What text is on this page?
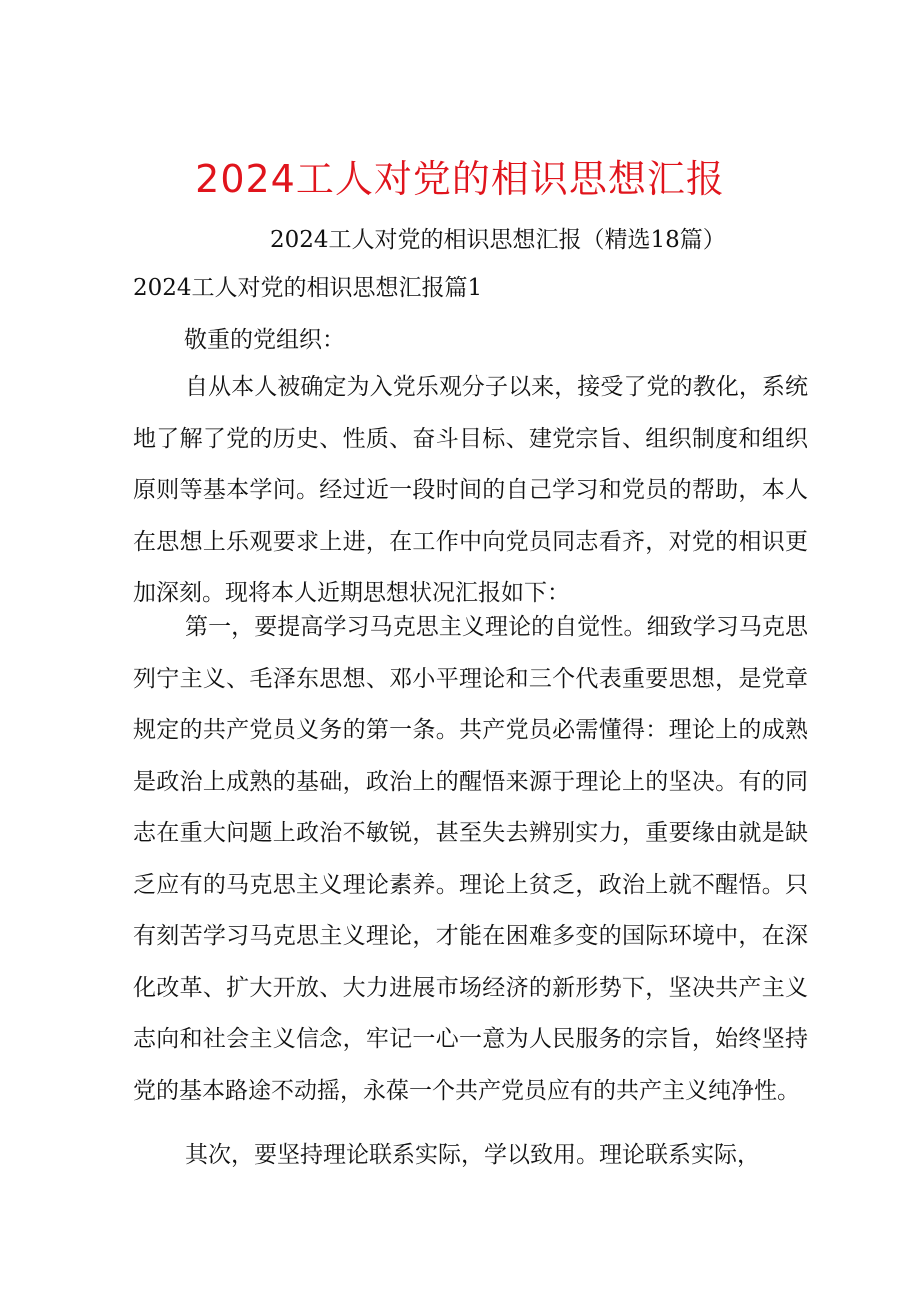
2024工人对党的相识思想汇报
2024工人对党的相识思想汇报（精选18篇）
2024工人对党的相识思想汇报篇1
敬重的党组织：

自从本人被确定为入党乐观分子以来，接受了党的教化，系统地了解了党的历史、性质、奋斗目标、建党宗旨、组织制度和组织原则等基本学问。经过近一段时间的自己学习和党员的帮助，本人在思想上乐观要求上进，在工作中向党员同志看齐，对党的相识更加深刻。现将本人近期思想状况汇报如下：

第一，要提高学习马克思主义理论的自觉性。细致学习马克思列宁主义、毛泽东思想、邓小平理论和三个代表重要思想，是党章规定的共产党员义务的第一条。共产党员必需懂得：理论上的成熟是政治上成熟的基础，政治上的醒悟来源于理论上的坚决。有的同志在重大问题上政治不敏锐，甚至失去辨别实力，重要缘由就是缺乏应有的马克思主义理论素养。理论上贫乏，政治上就不醒悟。只有刻苦学习马克思主义理论，才能在困难多变的国际环境中，在深化改革、扩大开放、大力进展市场经济的新形势下，坚决共产主义志向和社会主义信念，牢记一心一意为人民服务的宗旨，始终坚持党的基本路途不动摇，永葆一个共产党员应有的共产主义纯净性。

其次，要坚持理论联系实际，学以致用。理论联系实际，
